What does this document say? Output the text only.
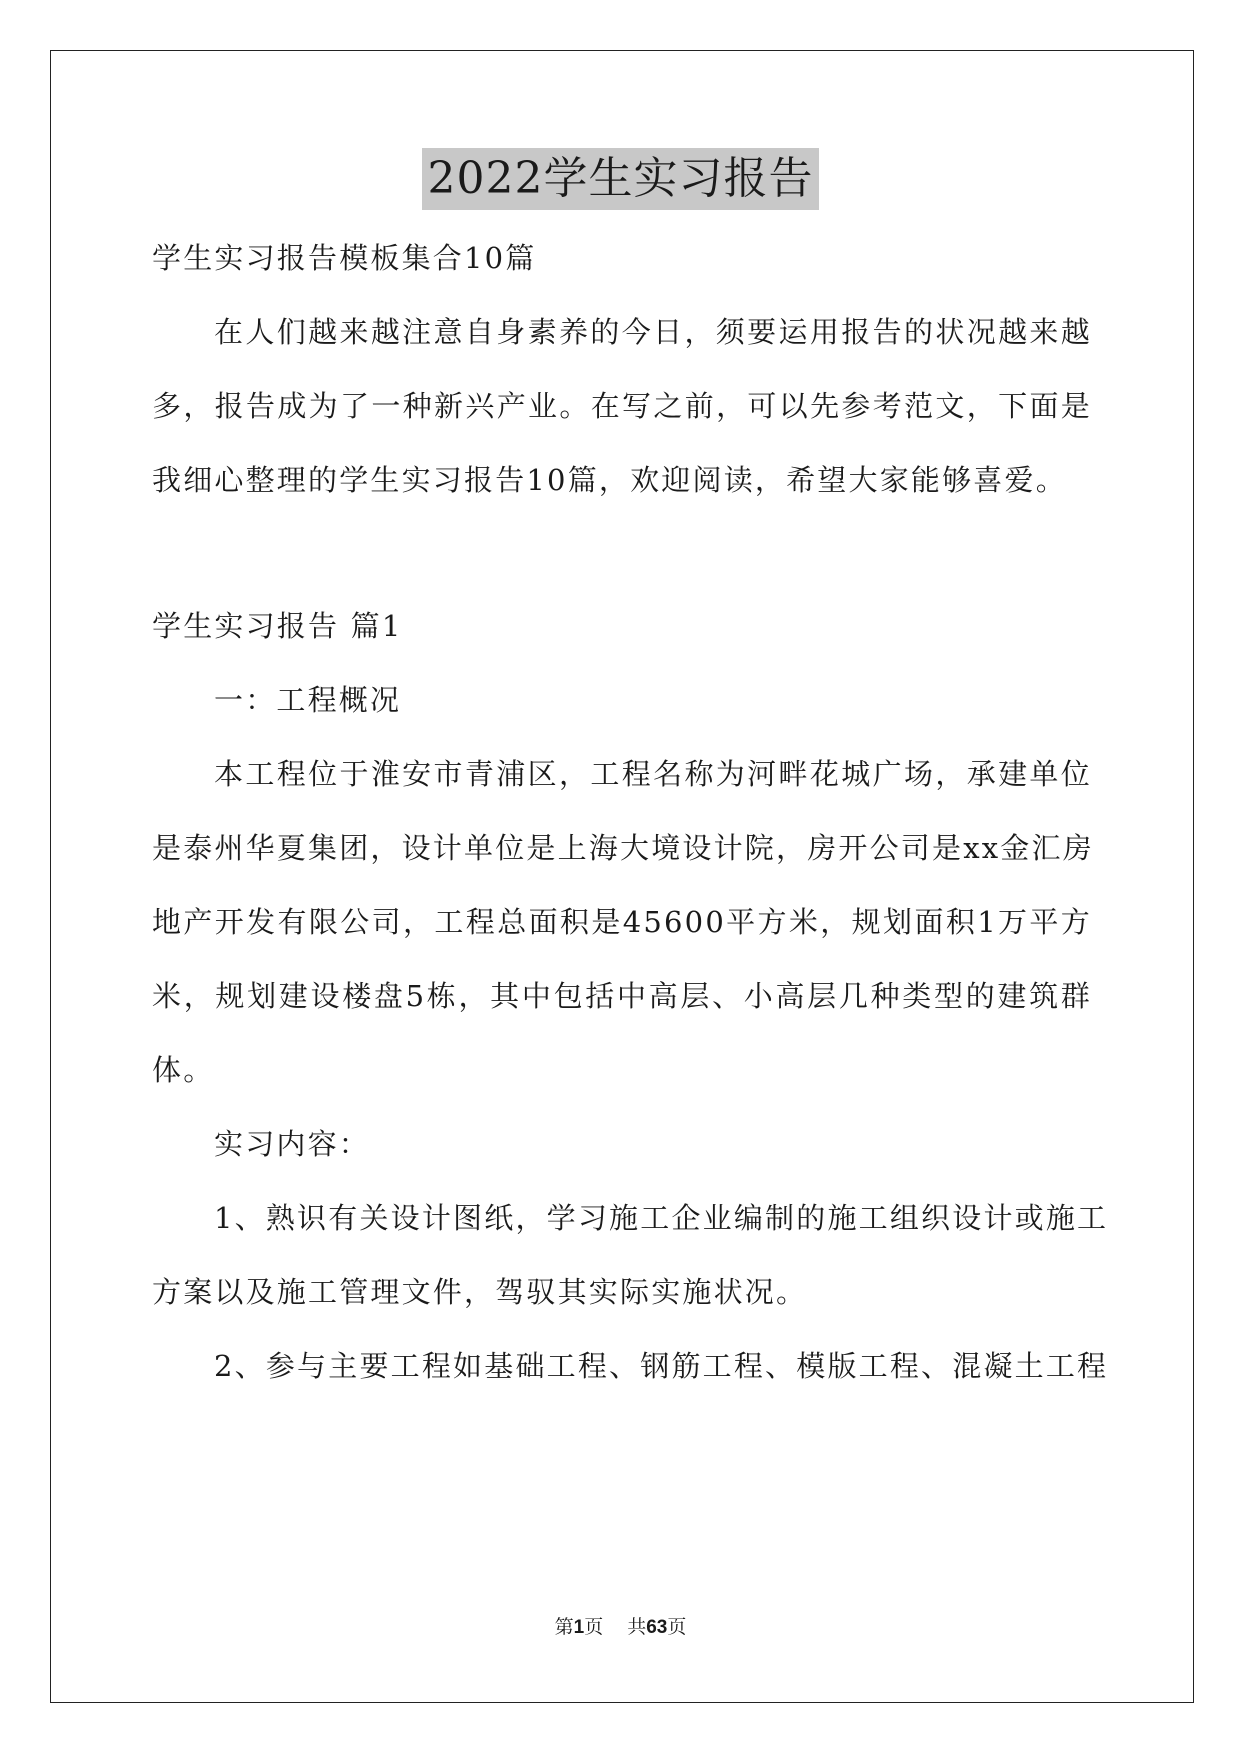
2022学生实习报告
学生实习报告模板集合10篇
在人们越来越注意自身素养的今日，须要运用报告的状况越来越
多，报告成为了一种新兴产业。在写之前，可以先参考范文，下面是
我细心整理的学生实习报告10篇，欢迎阅读，希望大家能够喜爱。
学生实习报告 篇1
一：工程概况
本工程位于淮安市青浦区，工程名称为河畔花城广场，承建单位
是泰州华夏集团，设计单位是上海大境设计院，房开公司是xx金汇房
地产开发有限公司，工程总面积是45600平方米，规划面积1万平方
米，规划建设楼盘5栋，其中包括中高层、小高层几种类型的建筑群
体。
实习内容：
1、熟识有关设计图纸，学习施工企业编制的施工组织设计或施工
方案以及施工管理文件，驾驭其实际实施状况。
2、参与主要工程如基础工程、钢筋工程、模版工程、混凝土工程
第1页 共63页
